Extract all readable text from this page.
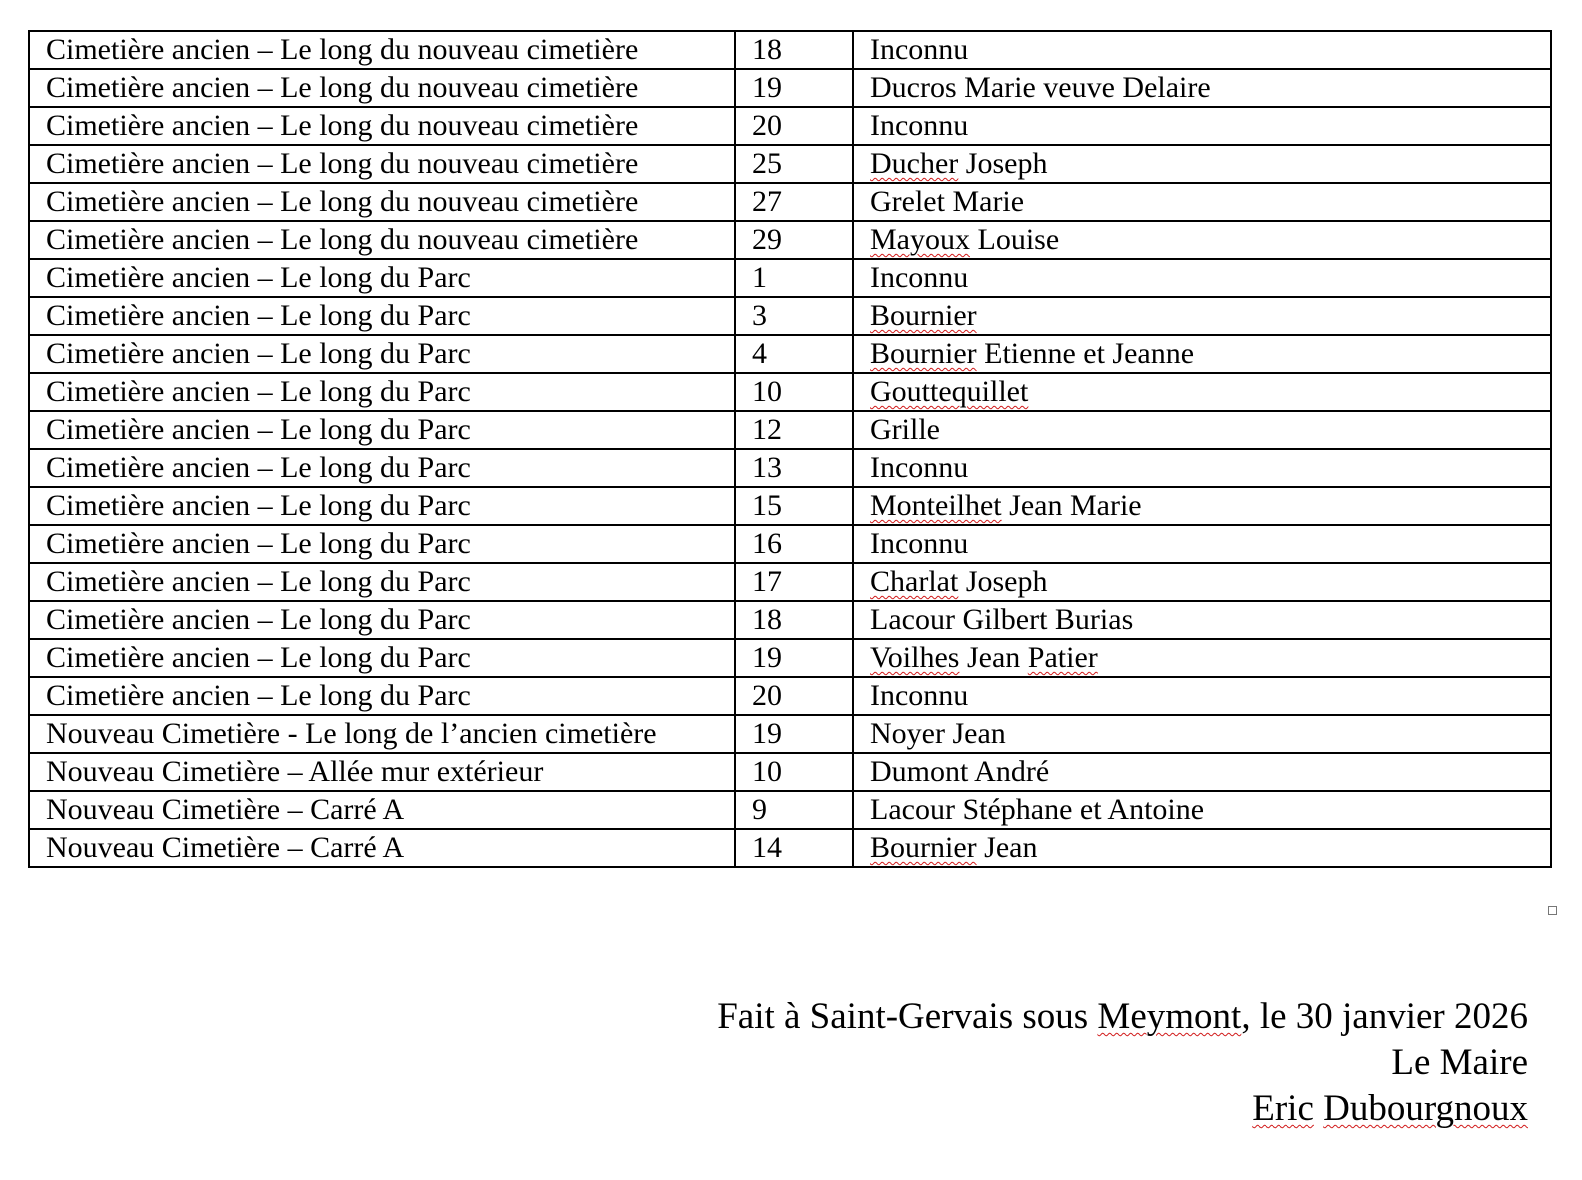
Cimetière ancien – Le long du nouveau cimetière	18	Inconnu
Cimetière ancien – Le long du nouveau cimetière	19	Ducros Marie veuve Delaire
Cimetière ancien – Le long du nouveau cimetière	20	Inconnu
Cimetière ancien – Le long du nouveau cimetière	25	Ducher Joseph
Cimetière ancien – Le long du nouveau cimetière	27	Grelet Marie
Cimetière ancien – Le long du nouveau cimetière	29	Mayoux Louise
Cimetière ancien – Le long du Parc	1	Inconnu
Cimetière ancien – Le long du Parc	3	Bournier
Cimetière ancien – Le long du Parc	4	Bournier Etienne et Jeanne
Cimetière ancien – Le long du Parc	10	Gouttequillet
Cimetière ancien – Le long du Parc	12	Grille
Cimetière ancien – Le long du Parc	13	Inconnu
Cimetière ancien – Le long du Parc	15	Monteilhet Jean Marie
Cimetière ancien – Le long du Parc	16	Inconnu
Cimetière ancien – Le long du Parc	17	Charlat Joseph
Cimetière ancien – Le long du Parc	18	Lacour Gilbert Burias
Cimetière ancien – Le long du Parc	19	Voilhes Jean Patier
Cimetière ancien – Le long du Parc	20	Inconnu
Nouveau Cimetière - Le long de l’ancien cimetière	19	Noyer Jean
Nouveau Cimetière – Allée mur extérieur	10	Dumont André
Nouveau Cimetière – Carré A	9	Lacour Stéphane et Antoine
Nouveau Cimetière – Carré A	14	Bournier Jean
Fait à Saint-Gervais sous Meymont, le 30 janvier 2026
Le Maire
Eric Dubourgnoux
